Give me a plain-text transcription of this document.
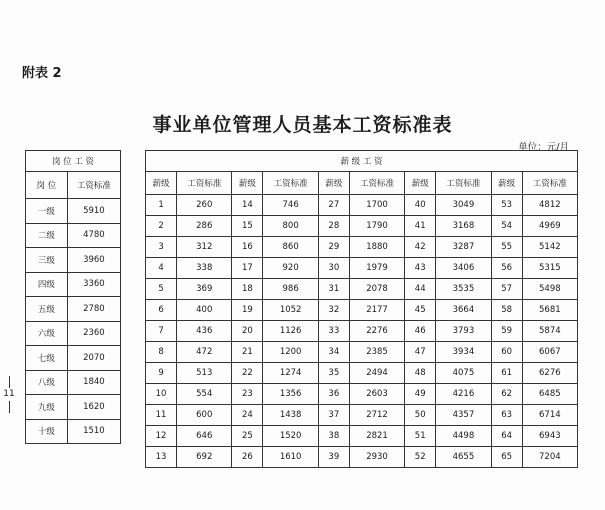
附表 2
事业单位管理人员基本工资标准表
单位：元/月
11
岗 位 工 资	
岗 位	工资标准
一级	5910
二级	4780
三级	3960
四级	3360
五级	2780
六级	2360
七级	2070
八级	1840
九级	1620
十级	1510
薪 级 工 资									
薪级	工资标准	薪级	工资标准	薪级	工资标准	薪级	工资标准	薪级	工资标准
1	260	14	746	27	1700	40	3049	53	4812
2	286	15	800	28	1790	41	3168	54	4969
3	312	16	860	29	1880	42	3287	55	5142
4	338	17	920	30	1979	43	3406	56	5315
5	369	18	986	31	2078	44	3535	57	5498
6	400	19	1052	32	2177	45	3664	58	5681
7	436	20	1126	33	2276	46	3793	59	5874
8	472	21	1200	34	2385	47	3934	60	6067
9	513	22	1274	35	2494	48	4075	61	6276
10	554	23	1356	36	2603	49	4216	62	6485
11	600	24	1438	37	2712	50	4357	63	6714
12	646	25	1520	38	2821	51	4498	64	6943
13	692	26	1610	39	2930	52	4655	65	7204
